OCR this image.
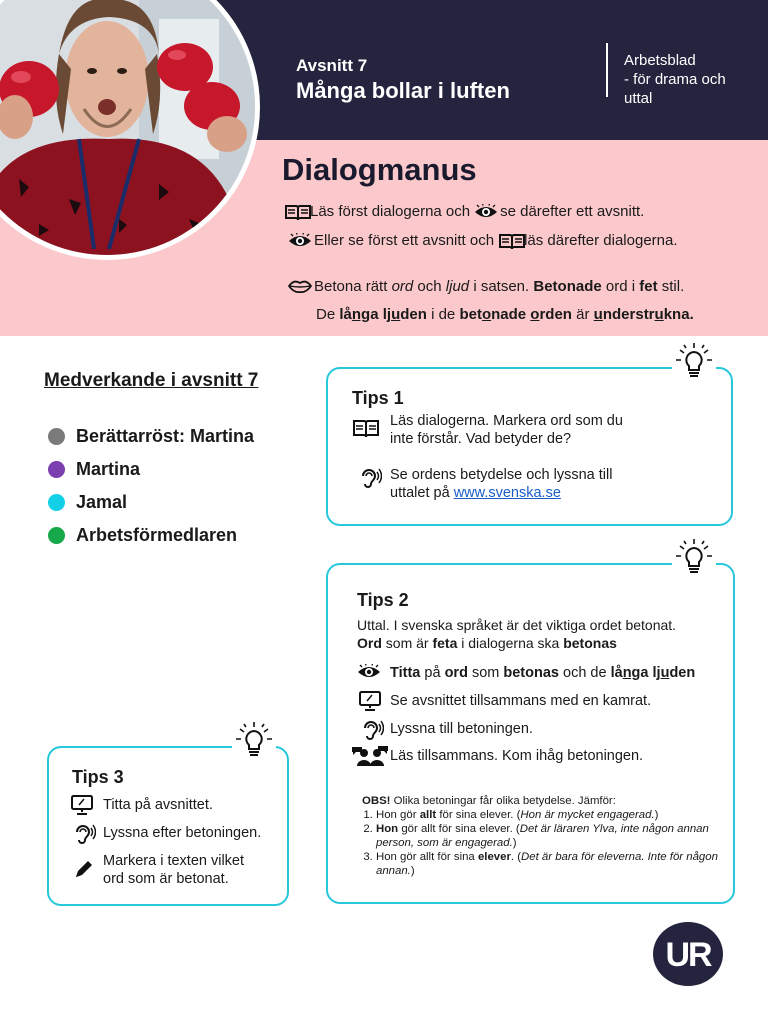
Avsnitt 7
Många bollar i luften
Arbetsblad
- för drama och
uttal
Dialogmanus
Läs först dialogerna och se därefter ett avsnitt.
Eller se först ett avsnitt och läs därefter dialogerna.
Betona rätt
ord
och
ljud
i satsen.
Betonade
ord i
fet
stil.
De
långa ljuden
i de
betonade orden
är
understrukna .
Medverkande i avsnitt 7
Berättarröst: Martina
Martina
Jamal
Arbetsförmedlaren
Tips 1
Läs dialogerna. Markera ord som du
inte förstår. Vad betyder de?
Se ordens betydelse och lyssna till
uttalet på www.svenska.se
Tips 2
Uttal. I svenska språket är det viktiga ordet betonat.
Ord som är feta i dialogerna ska betonas
Titta på ord som betonas och de långa ljuden
Se avsnittet tillsammans med en kamrat.
Lyssna till betoningen.
Läs tillsammans. Kom ihåg betoningen.
OBS! Olika betoningar får olika betydelse. Jämför:
1. Hon gör allt för sina elever. (Hon är mycket engagerad.)
2. Hon gör allt för sina elever. (Det är läraren Ylva, inte någon annan person, som är engagerad.)
3. Hon gör allt för sina elever. (Det är bara för eleverna. Inte för någon annan.)
Tips 3
Titta på avsnittet.
Lyssna efter betoningen.
Markera i texten vilket
ord som är betonat.
UR
